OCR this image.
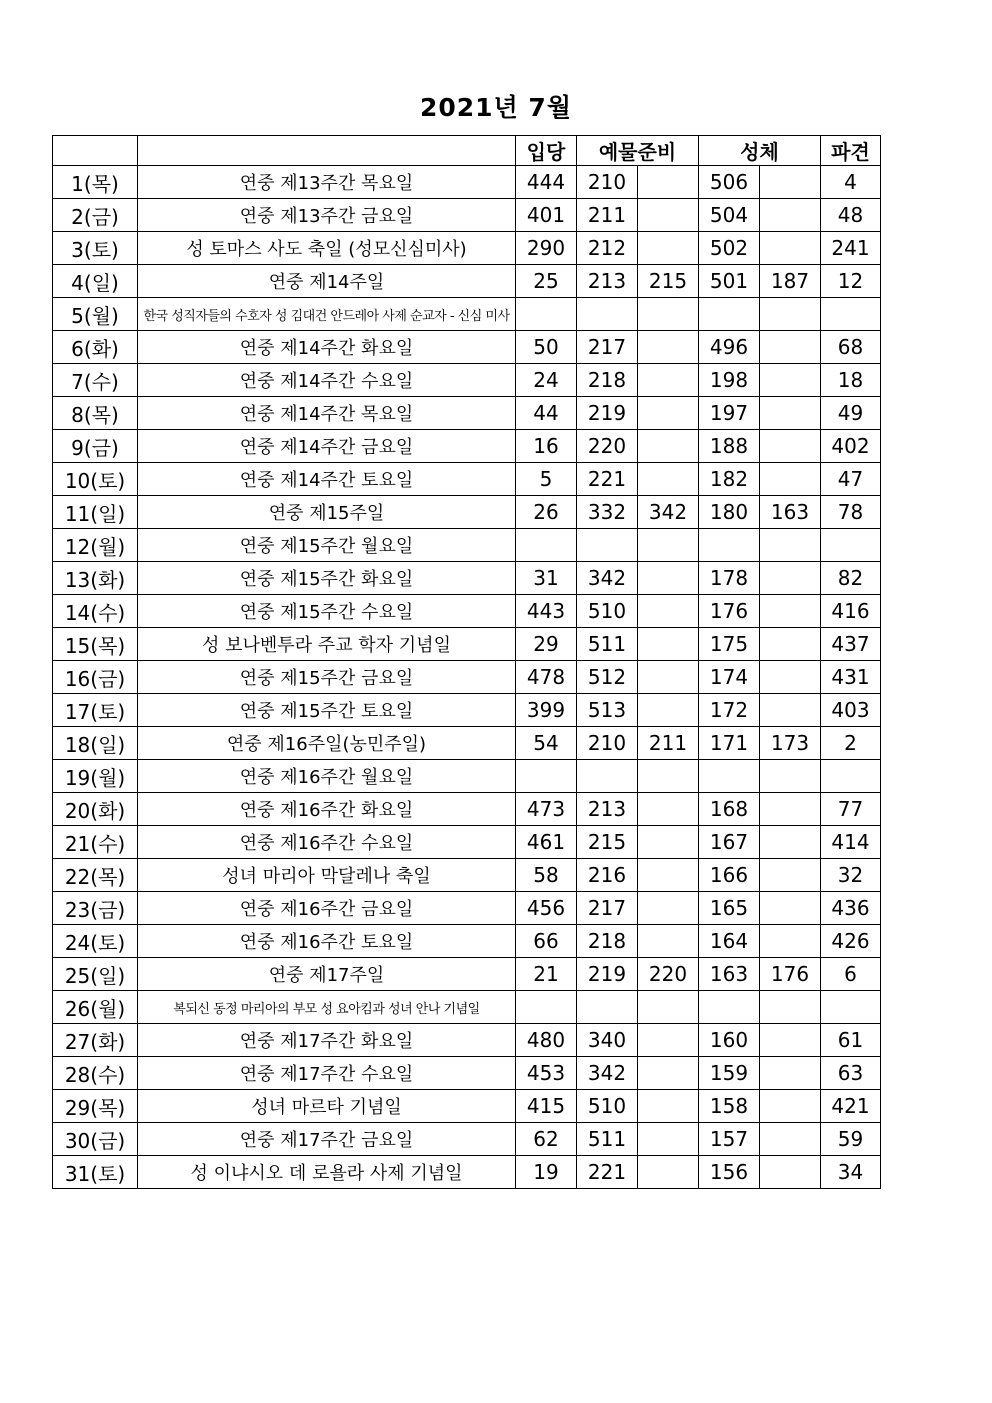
2021년 7월
		입당	예물준비		성체		파견
1(목)	연중 제13주간 목요일	444	210		506		4
2(금)	연중 제13주간 금요일	401	211		504		48
3(토)	성 토마스 사도 축일 (성모신심미사)	290	212		502		241
4(일)	연중 제14주일	25	213	215	501	187	12
5(월)	한국 성직자들의 수호자 성 김대건 안드레아 사제 순교자 - 신심 미사						
6(화)	연중 제14주간 화요일	50	217		496		68
7(수)	연중 제14주간 수요일	24	218		198		18
8(목)	연중 제14주간 목요일	44	219		197		49
9(금)	연중 제14주간 금요일	16	220		188		402
10(토)	연중 제14주간 토요일	5	221		182		47
11(일)	연중 제15주일	26	332	342	180	163	78
12(월)	연중 제15주간 월요일						
13(화)	연중 제15주간 화요일	31	342		178		82
14(수)	연중 제15주간 수요일	443	510		176		416
15(목)	성 보나벤투라 주교 학자 기념일	29	511		175		437
16(금)	연중 제15주간 금요일	478	512		174		431
17(토)	연중 제15주간 토요일	399	513		172		403
18(일)	연중 제16주일(농민주일)	54	210	211	171	173	2
19(월)	연중 제16주간 월요일						
20(화)	연중 제16주간 화요일	473	213		168		77
21(수)	연중 제16주간 수요일	461	215		167		414
22(목)	성녀 마리아 막달레나 축일	58	216		166		32
23(금)	연중 제16주간 금요일	456	217		165		436
24(토)	연중 제16주간 토요일	66	218		164		426
25(일)	연중 제17주일	21	219	220	163	176	6
26(월)	복되신 동정 마리아의 부모 성 요아킴과 성녀 안나 기념일						
27(화)	연중 제17주간 화요일	480	340		160		61
28(수)	연중 제17주간 수요일	453	342		159		63
29(목)	성녀 마르타 기념일	415	510		158		421
30(금)	연중 제17주간 금요일	62	511		157		59
31(토)	성 이냐시오 데 로욜라 사제 기념일	19	221		156		34
